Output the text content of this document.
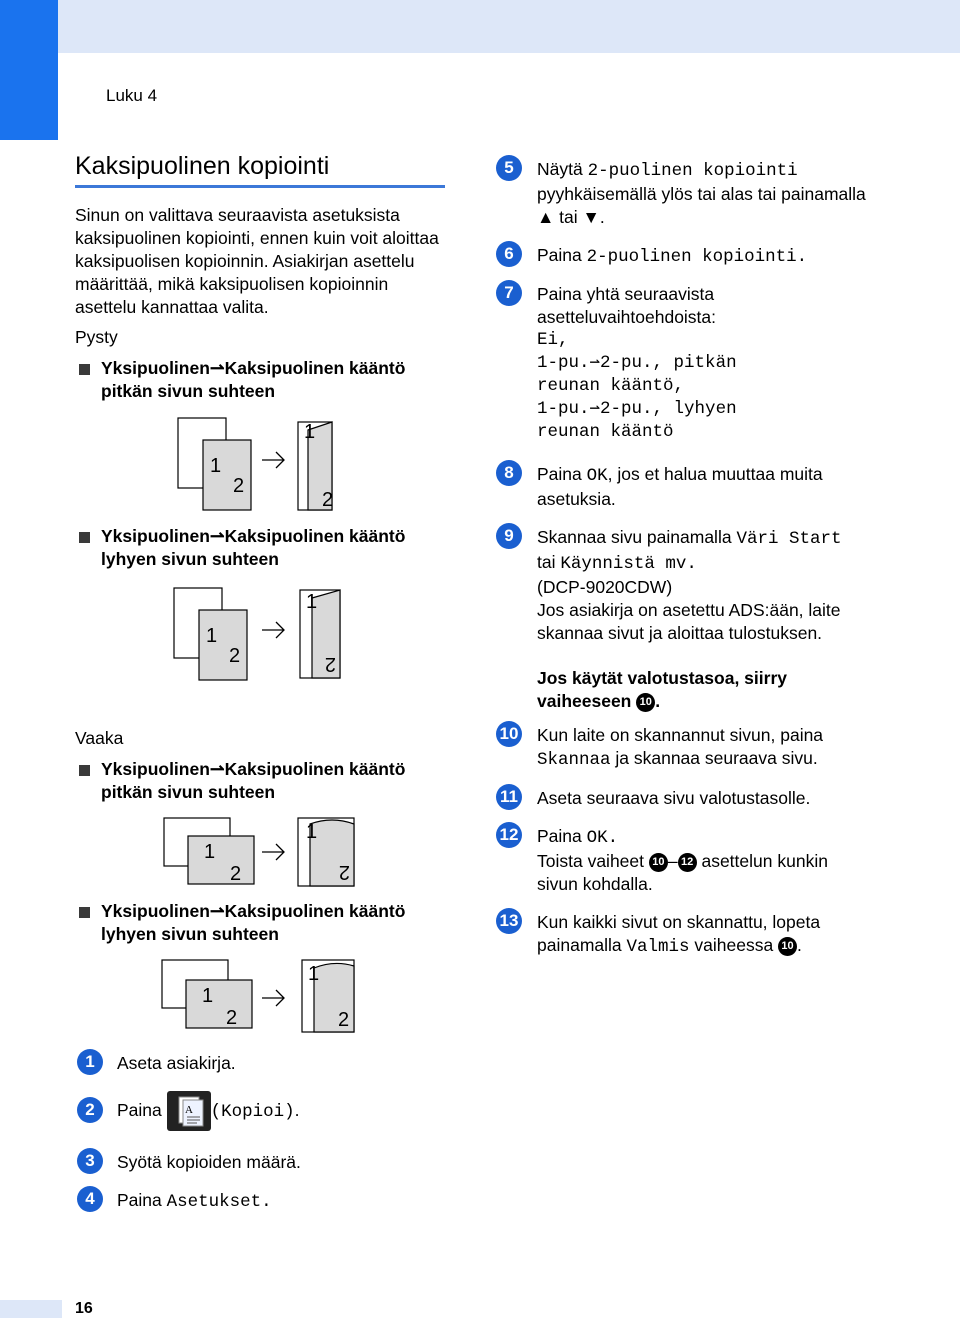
Luku 4
Kaksipuolinen kopiointi
Sinun on valittava seuraavista asetuksista kaksipuolinen kopiointi, ennen kuin voit aloittaa kaksipuolisen kopioinnin. Asiakirjan asettelu määrittää, mikä kaksipuolisen kopioinnin asettelu kannattaa valita.
Pysty
Yksipuolinen⇀Kaksipuolinen kääntö pitkän sivun suhteen
1
2
1
2
Yksipuolinen⇀Kaksipuolinen kääntö lyhyen sivun suhteen
1
2
1
2
Vaaka
Yksipuolinen⇀Kaksipuolinen kääntö pitkän sivun suhteen
1
2
1
2
Yksipuolinen⇀Kaksipuolinen kääntö lyhyen sivun suhteen
1
2
1
2
1	Aseta asiakirja.
2	Paina A (Kopioi).
3	Syötä kopioiden määrä.
4	Paina Asetukset.
5	Näytä 2-puolinen kopiointi
pyyhkäisemällä ylös tai alas tai painamalla ▲ tai ▼.
6	Paina 2-puolinen kopiointi.
7	Paina yhtä seuraavista asetteluvaihtoehdoista:
Ei,
1-pu.⇀2-pu., pitkän
reunan kääntö,
1-pu.⇀2-pu., lyhyen
reunan kääntö
8	Paina OK, jos et halua muuttaa muita asetuksia.
9	Skannaa sivu painamalla Väri Start
tai Käynnistä mv.
(DCP-9020CDW)
Jos asiakirja on asetettu ADS:ään, laite skannaa sivut ja aloittaa tulostuksen.
Jos käytät valotustasoa, siirry vaiheeseen 10 .
10 Kun laite on skannannut sivun, paina
Skannaa ja skannaa seuraava sivu.
11 Aseta seuraava sivu valotustasolle.
12 Paina OK.
Toista vaiheet 10 – 12 asettelun kunkin sivun kohdalla.
13 Kun kaikki sivut on skannattu, lopeta painamalla Valmis vaiheessa 10 .
16
